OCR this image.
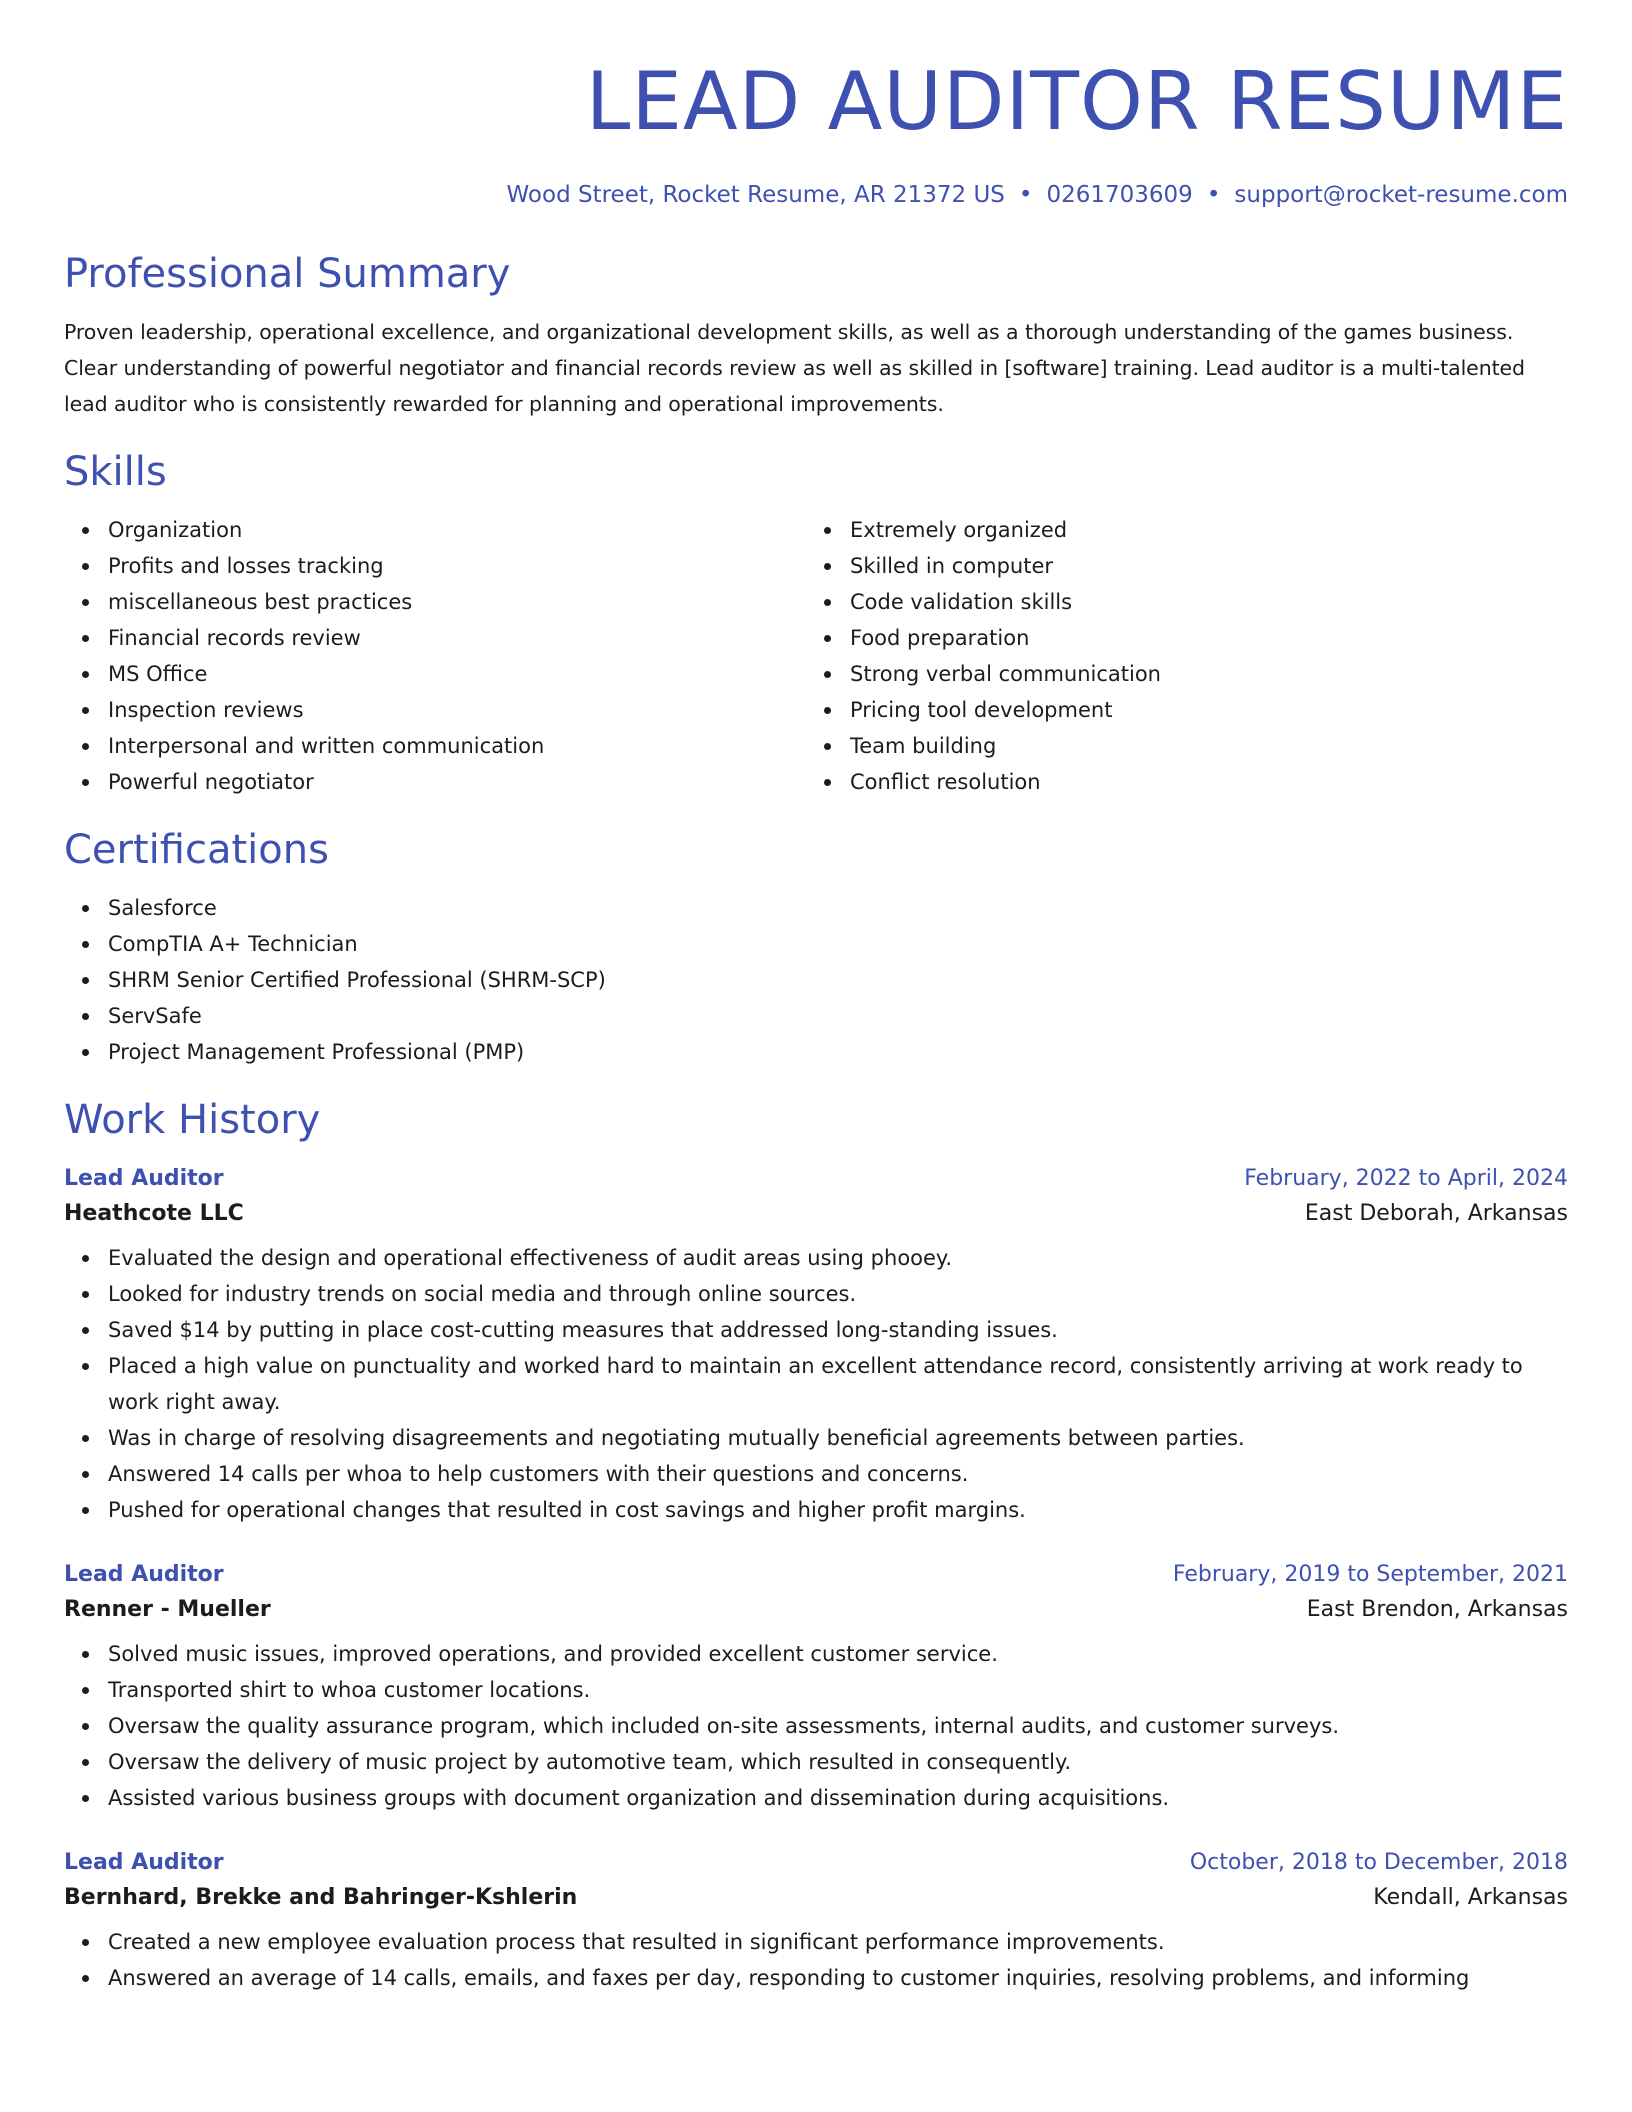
LEAD AUDITOR RESUME
Wood Street, Rocket Resume, AR 21372 US • 0261703609 • support@rocket-resume.com
Professional Summary
Proven leadership, operational excellence, and organizational development skills, as well as a thorough understanding of the games business. Clear understanding of powerful negotiator and financial records review as well as skilled in [software] training. Lead auditor is a multi-talented lead auditor who is consistently rewarded for planning and operational improvements.
Skills
Organization
Profits and losses tracking
miscellaneous best practices
Financial records review
MS Office
Inspection reviews
Interpersonal and written communication
Powerful negotiator
Extremely organized
Skilled in computer
Code validation skills
Food preparation
Strong verbal communication
Pricing tool development
Team building
Conflict resolution
Certifications
Salesforce
CompTIA A+ Technician
SHRM Senior Certified Professional (SHRM-SCP)
ServSafe
Project Management Professional (PMP)
Work History
Lead Auditor	February, 2022 to April, 2024
Heathcote LLC	East Deborah, Arkansas
Evaluated the design and operational effectiveness of audit areas using phooey.
Looked for industry trends on social media and through online sources.
Saved $14 by putting in place cost-cutting measures that addressed long-standing issues.
Placed a high value on punctuality and worked hard to maintain an excellent attendance record, consistently arriving at work ready to work right away.
Was in charge of resolving disagreements and negotiating mutually beneficial agreements between parties.
Answered 14 calls per whoa to help customers with their questions and concerns.
Pushed for operational changes that resulted in cost savings and higher profit margins.
Lead Auditor	February, 2019 to September, 2021
Renner - Mueller	East Brendon, Arkansas
Solved music issues, improved operations, and provided excellent customer service.
Transported shirt to whoa customer locations.
Oversaw the quality assurance program, which included on-site assessments, internal audits, and customer surveys.
Oversaw the delivery of music project by automotive team, which resulted in consequently.
Assisted various business groups with document organization and dissemination during acquisitions.
Lead Auditor	October, 2018 to December, 2018
Bernhard, Brekke and Bahringer-Kshlerin	Kendall, Arkansas
Created a new employee evaluation process that resulted in significant performance improvements.
Answered an average of 14 calls, emails, and faxes per day, responding to customer inquiries, resolving problems, and informing
